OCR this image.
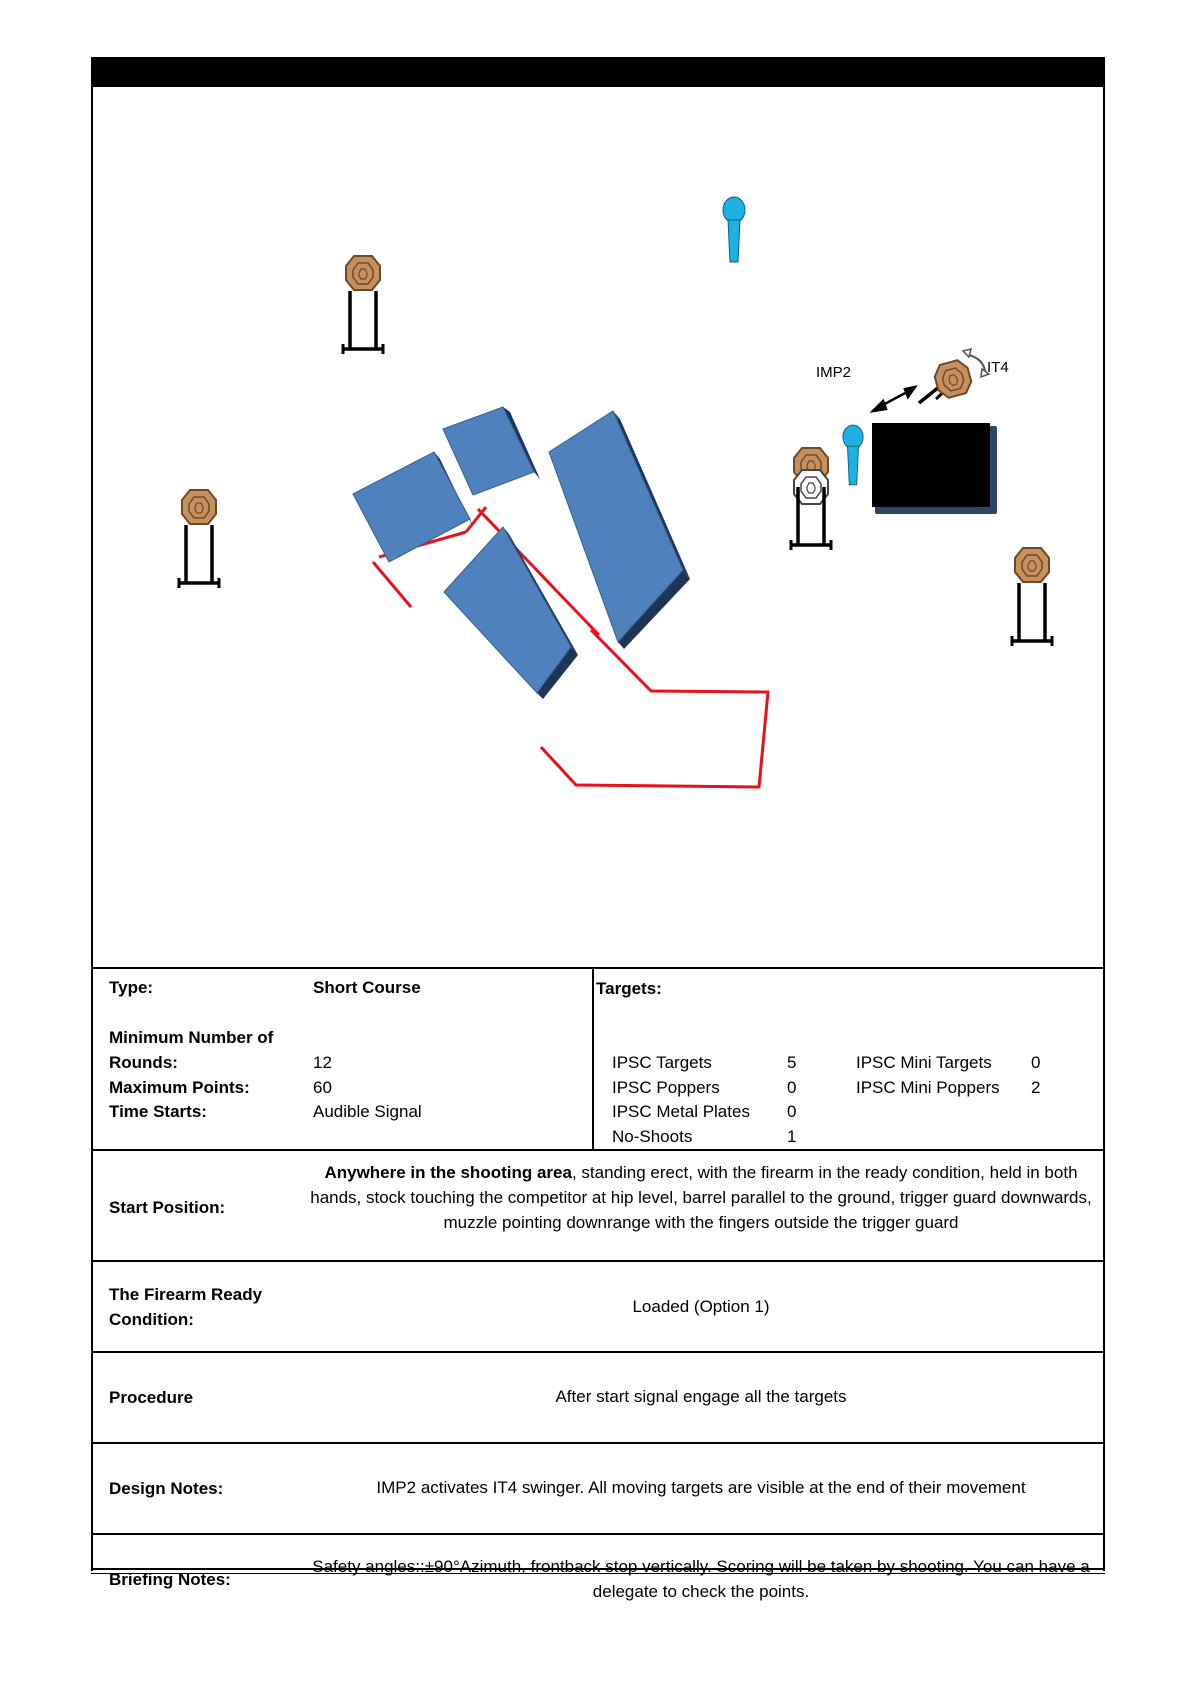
IMP2	IT4
Type:	Short Course
Minimum Number of
Rounds:	12
Maximum Points:	60
Time Starts:	Audible Signal
Targets:
IPSC Targets	5
IPSC Poppers	0
IPSC Metal Plates 0
No-Shoots	1
IPSC Mini Targets 0
IPSC Mini Poppers 2
Start Position:
Anywhere in the shooting area, standing erect, with the firearm in the ready condition, held in both hands, stock touching the competitor at hip level, barrel parallel to the ground, trigger guard downwards, muzzle pointing downrange with the fingers outside the trigger guard
The Firearm Ready
Condition:
Loaded (Option 1)
Procedure	After start signal engage all the targets
Design Notes:	IMP2 activates IT4 swinger. All moving targets are visible at the end of their movement
Briefing Notes:
Safety angles::±90°Azimuth, frontback stop vertically. Scoring will be taken by shooting. You can have a delegate to check the points.
